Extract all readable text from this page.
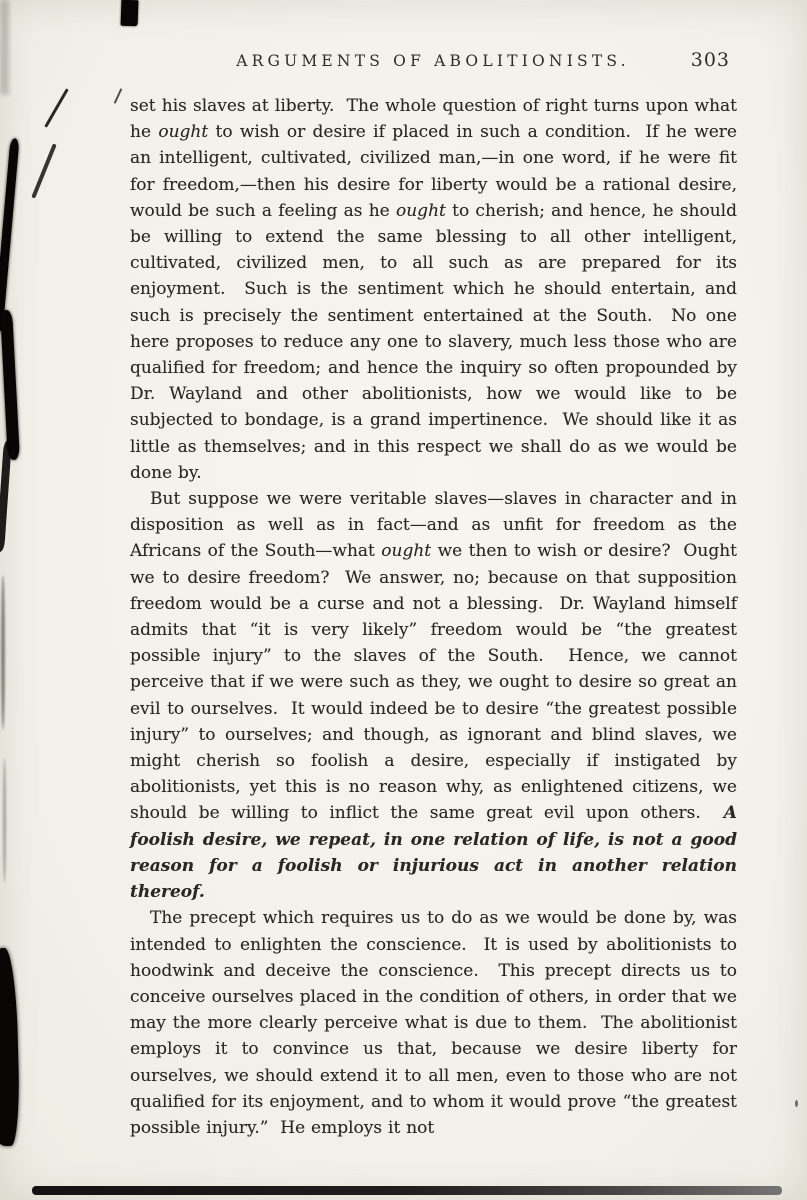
ARGUMENTS OF ABOLITIONISTS.	303

set his slaves at liberty.  The whole question of right turns upon what he ought to wish or desire if placed in such a condition.  If he were an intelligent, cultivated, civilized man,—in one word, if he were fit for freedom,—then his desire for liberty would be a rational desire, would be such a feeling as he ought to cherish; and hence, he should be willing to extend the same blessing to all other intelligent, cultivated, civilized men, to all such as are prepared for its enjoyment.  Such is the sentiment which he should entertain, and such is precisely the sentiment entertained at the South.  No one here proposes to reduce any one to slavery, much less those who are qualified for freedom; and hence the inquiry so often propounded by Dr. Wayland and other abolitionists, how we would like to be subjected to bondage, is a grand impertinence.  We should like it as little as themselves; and in this respect we shall do as we would be done by.

But suppose we were veritable slaves—slaves in character and in disposition as well as in fact—and as unfit for freedom as the Africans of the South—what ought we then to wish or desire?  Ought we to desire freedom?  We answer, no; because on that supposition freedom would be a curse and not a blessing.  Dr. Wayland himself admits that “it is very likely” freedom would be “the greatest possible injury” to the slaves of the South.  Hence, we cannot perceive that if we were such as they, we ought to desire so great an evil to ourselves.  It would indeed be to desire “the greatest possible injury” to ourselves; and though, as ignorant and blind slaves, we might cherish so foolish a desire, especially if instigated by abolitionists, yet this is no reason why, as enlightened citizens, we should be willing to inflict the same great evil upon others.  A foolish desire, we repeat, in one relation of life, is not a good reason for a foolish or injurious act in another relation thereof.

The precept which requires us to do as we would be done by, was intended to enlighten the conscience.  It is used by abolitionists to hoodwink and deceive the conscience.  This precept directs us to conceive ourselves placed in the condition of others, in order that we may the more clearly perceive what is due to them.  The abolitionist employs it to convince us that, because we desire liberty for ourselves, we should extend it to all men, even to those who are not qualified for its enjoyment, and to whom it would prove “the greatest possible injury.”  He employs it not
